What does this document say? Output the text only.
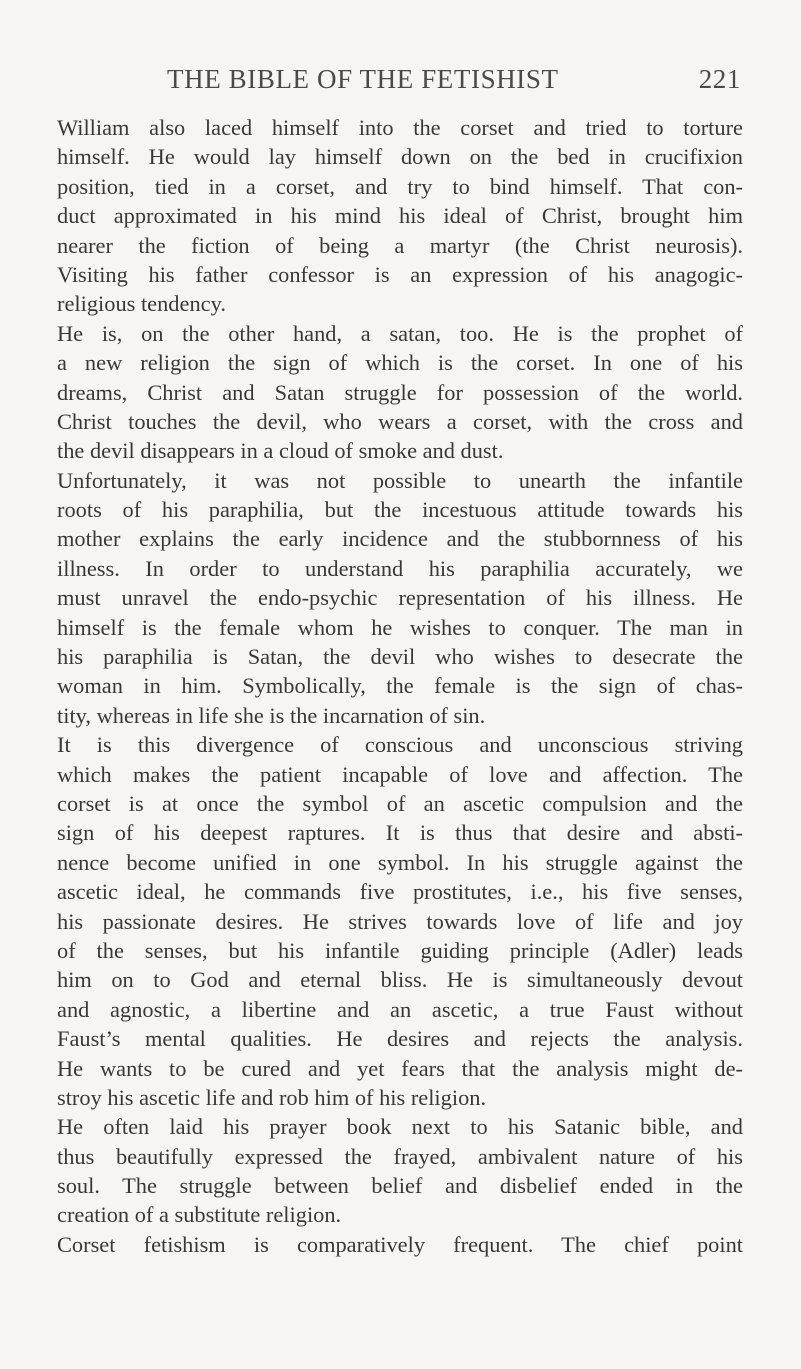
THE BIBLE OF THE FETISHIST	221
William also laced himself into the corset and tried to torture
himself. He would lay himself down on the bed in crucifixion
position, tied in a corset, and try to bind himself. That con-
duct approximated in his mind his ideal of Christ, brought him
nearer the fiction of being a martyr (the Christ neurosis).
Visiting his father confessor is an expression of his anagogic-
religious tendency.
He is, on the other hand, a satan, too. He is the prophet of
a new religion the sign of which is the corset. In one of his
dreams, Christ and Satan struggle for possession of the world.
Christ touches the devil, who wears a corset, with the cross and
the devil disappears in a cloud of smoke and dust.
Unfortunately, it was not possible to unearth the infantile
roots of his paraphilia, but the incestuous attitude towards his
mother explains the early incidence and the stubbornness of his
illness. In order to understand his paraphilia accurately, we
must unravel the endo-psychic representation of his illness. He
himself is the female whom he wishes to conquer. The man in
his paraphilia is Satan, the devil who wishes to desecrate the
woman in him. Symbolically, the female is the sign of chas-
tity, whereas in life she is the incarnation of sin.
It is this divergence of conscious and unconscious striving
which makes the patient incapable of love and affection. The
corset is at once the symbol of an ascetic compulsion and the
sign of his deepest raptures. It is thus that desire and absti-
nence become unified in one symbol. In his struggle against the
ascetic ideal, he commands five prostitutes, i.e., his five senses,
his passionate desires. He strives towards love of life and joy
of the senses, but his infantile guiding principle (Adler) leads
him on to God and eternal bliss. He is simultaneously devout
and agnostic, a libertine and an ascetic, a true Faust without
Faust’s mental qualities. He desires and rejects the analysis.
He wants to be cured and yet fears that the analysis might de-
stroy his ascetic life and rob him of his religion.
He often laid his prayer book next to his Satanic bible, and
thus beautifully expressed the frayed, ambivalent nature of his
soul. The struggle between belief and disbelief ended in the
creation of a substitute religion.
Corset fetishism is comparatively frequent. The chief point
